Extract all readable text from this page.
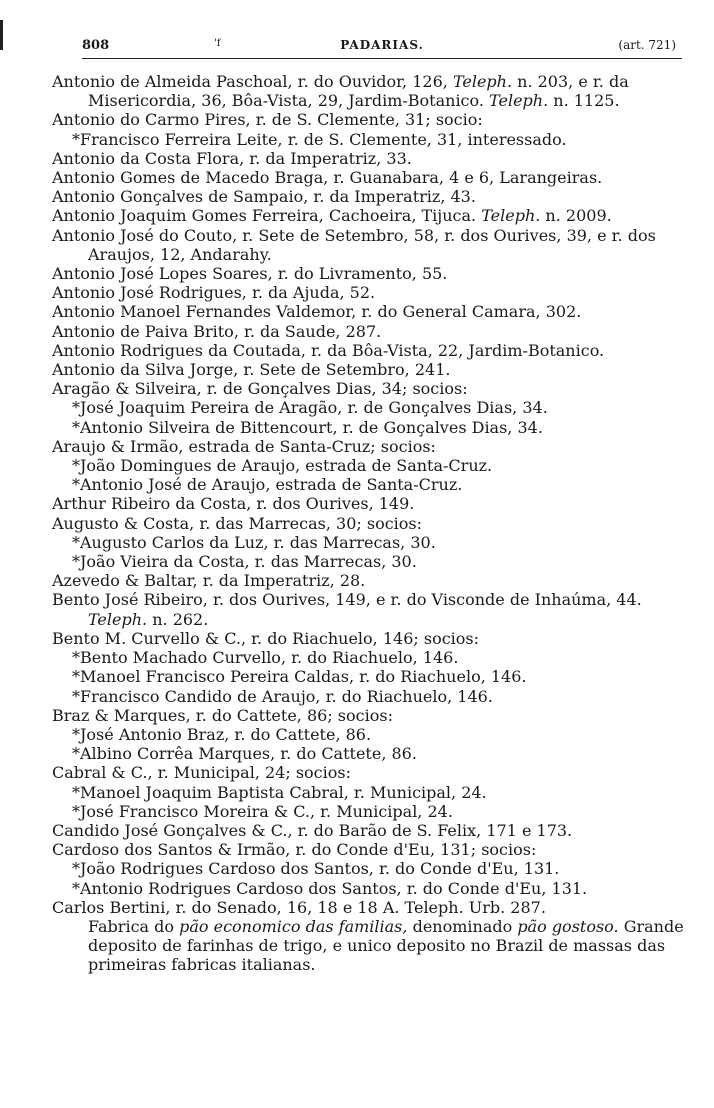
808	'f	PADARIAS.	(art. 721)

Antonio de Almeida Paschoal, r. do Ouvidor, 126, Teleph. n. 203, e r. da Misericordia, 36, Bôa-Vista, 29, Jardim-Botanico. Teleph. n. 1125.

Antonio do Carmo Pires, r. de S. Clemente, 31; socio:

*Francisco Ferreira Leite, r. de S. Clemente, 31, interessado.

Antonio da Costa Flora, r. da Imperatriz, 33.

Antonio Gomes de Macedo Braga, r. Guanabara, 4 e 6, Larangeiras.

Antonio Gonçalves de Sampaio, r. da Imperatriz, 43.

Antonio Joaquim Gomes Ferreira, Cachoeira, Tijuca. Teleph. n. 2009.

Antonio José do Couto, r. Sete de Setembro, 58, r. dos Ourives, 39, e r. dos Araujos, 12, Andarahy.

Antonio José Lopes Soares, r. do Livramento, 55.

Antonio José Rodrigues, r. da Ajuda, 52.

Antonio Manoel Fernandes Valdemor, r. do General Camara, 302.

Antonio de Paiva Brito, r. da Saude, 287.

Antonio Rodrigues da Coutada, r. da Bôa-Vista, 22, Jardim-Botanico.

Antonio da Silva Jorge, r. Sete de Setembro, 241.

Aragão & Silveira, r. de Gonçalves Dias, 34; socios:

*José Joaquim Pereira de Aragão, r. de Gonçalves Dias, 34.

*Antonio Silveira de Bittencourt, r. de Gonçalves Dias, 34.

Araujo & Irmão, estrada de Santa-Cruz; socios:

*João Domingues de Araujo, estrada de Santa-Cruz.

*Antonio José de Araujo, estrada de Santa-Cruz.

Arthur Ribeiro da Costa, r. dos Ourives, 149.

Augusto & Costa, r. das Marrecas, 30; socios:

*Augusto Carlos da Luz, r. das Marrecas, 30.

*João Vieira da Costa, r. das Marrecas, 30.

Azevedo & Baltar, r. da Imperatriz, 28.

Bento José Ribeiro, r. dos Ourives, 149, e r. do Visconde de Inhaúma, 44. Teleph. n. 262.

Bento M. Curvello & C., r. do Riachuelo, 146; socios:

*Bento Machado Curvello, r. do Riachuelo, 146.

*Manoel Francisco Pereira Caldas, r. do Riachuelo, 146.

*Francisco Candido de Araujo, r. do Riachuelo, 146.

Braz & Marques, r. do Cattete, 86; socios:

*José Antonio Braz, r. do Cattete, 86.

*Albino Corrêa Marques, r. do Cattete, 86.

Cabral & C., r. Municipal, 24; socios:

*Manoel Joaquim Baptista Cabral, r. Municipal, 24.

*José Francisco Moreira & C., r. Municipal, 24.

Candido José Gonçalves & C., r. do Barão de S. Felix, 171 e 173.

Cardoso dos Santos & Irmão, r. do Conde d'Eu, 131; socios:

*João Rodrigues Cardoso dos Santos, r. do Conde d'Eu, 131.

*Antonio Rodrigues Cardoso dos Santos, r. do Conde d'Eu, 131.

Carlos Bertini, r. do Senado, 16, 18 e 18 A. Teleph. Urb. 287.

Fabrica do pão economico das familias, denominado pão gostoso. Grande deposito de farinhas de trigo, e unico deposito no Brazil de massas das primeiras fabricas italianas.
